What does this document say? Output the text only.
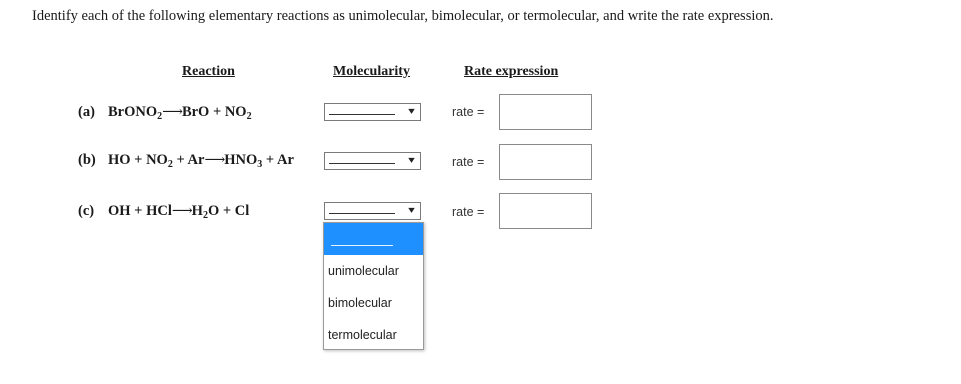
Identify each of the following elementary reactions as unimolecular, bimolecular, or termolecular, and write the rate expression.
Reaction	Molecularity	Rate expression
(a) BrONO$_2$⟶BrO + $NO_2$	▾	rate =
(b) HO + $NO_2$ + $Ar⟶HNO_3 + Ar$	▾	rate =
(c) OH + $HCl⟶H_2O + Cl$	▾	rate =
unimolecular
bimolecular
termolecular
